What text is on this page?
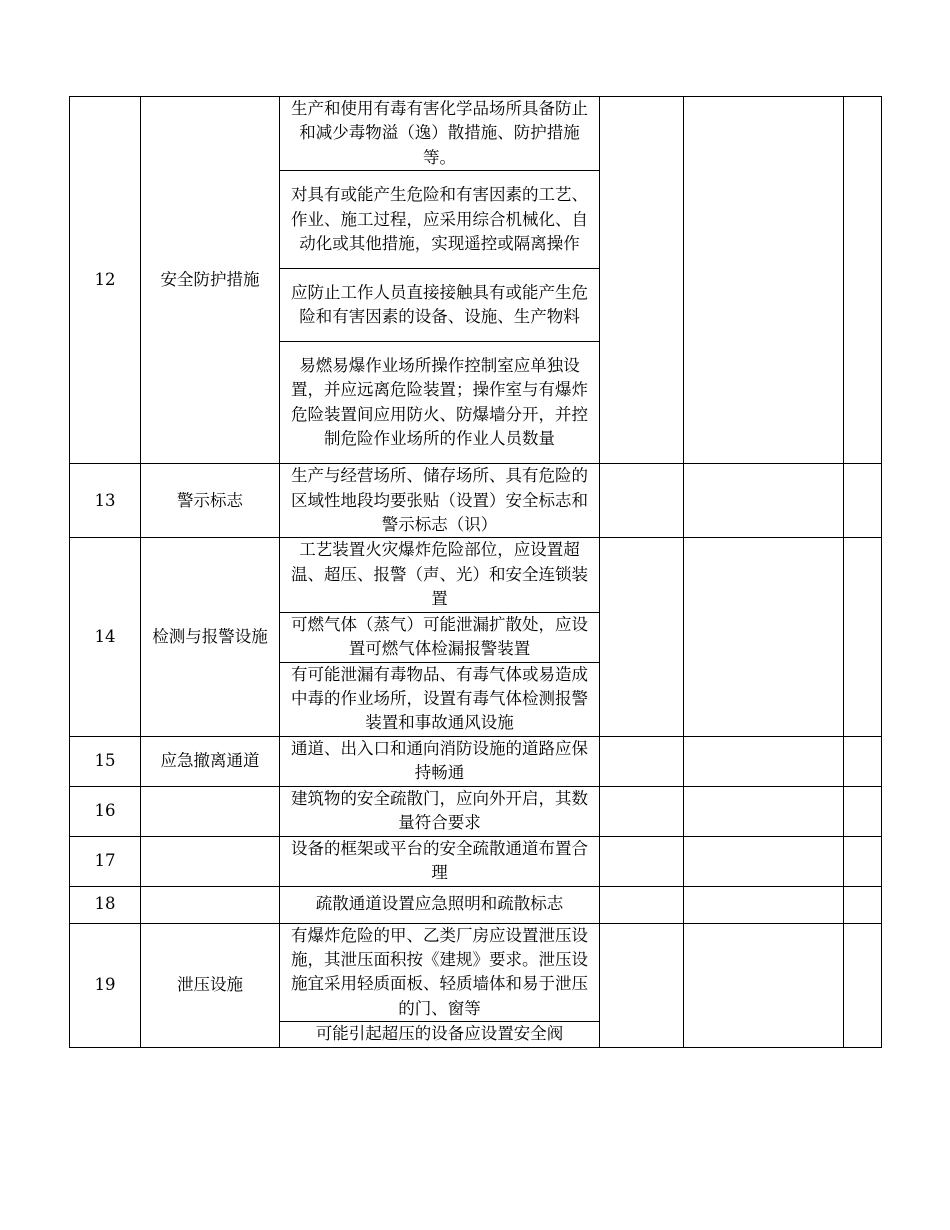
12	安全防护措施	生产和使用有毒有害化学品场所具备防止和减少毒物溢（逸）散措施、防护措施等。			
		对具有或能产生危险和有害因素的工艺、作业、施工过程，应采用综合机械化、自动化或其他措施，实现遥控或隔离操作			
		应防止工作人员直接接触具有或能产生危险和有害因素的设备、设施、生产物料			
		易燃易爆作业场所操作控制室应单独设置，并应远离危险装置；操作室与有爆炸危险装置间应用防火、防爆墙分开，并控制危险作业场所的作业人员数量			
13	警示标志	生产与经营场所、储存场所、具有危险的区域性地段均要张贴（设置）安全标志和警示标志（识）			
14	检测与报警设施	工艺装置火灾爆炸危险部位，应设置超温、超压、报警（声、光）和安全连锁装置			
		可燃气体（蒸气）可能泄漏扩散处，应设置可燃气体检漏报警装置			
		有可能泄漏有毒物品、有毒气体或易造成中毒的作业场所，设置有毒气体检测报警装置和事故通风设施			
15	应急撤离通道	通道、出入口和通向消防设施的道路应保持畅通			
16		建筑物的安全疏散门，应向外开启，其数量符合要求			
17		设备的框架或平台的安全疏散通道布置合理			
18		疏散通道设置应急照明和疏散标志			
19	泄压设施	有爆炸危险的甲、乙类厂房应设置泄压设施，其泄压面积按《建规》要求。泄压设施宜采用轻质面板、轻质墙体和易于泄压的门、窗等			
		可能引起超压的设备应设置安全阀			
